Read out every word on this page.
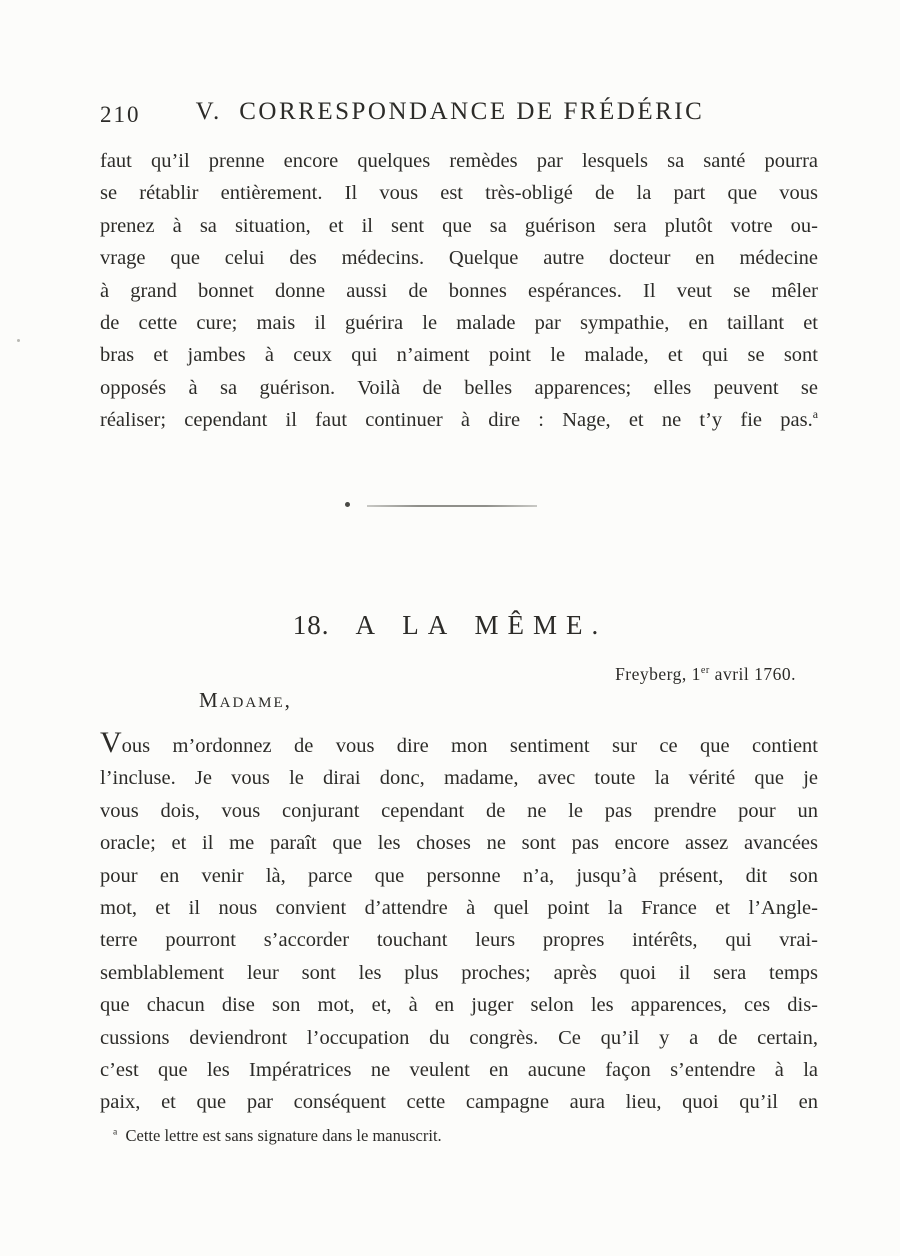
210	V.  CORRESPONDANCE DE FRÉDÉRIC
faut qu’il prenne encore quelques remèdes par lesquels sa santé pourra
se rétablir entièrement. Il vous est très-obligé de la part que vous
prenez à sa situation, et il sent que sa guérison sera plutôt votre ou-
vrage que celui des médecins. Quelque autre docteur en médecine
à grand bonnet donne aussi de bonnes espérances. Il veut se mêler
de cette cure; mais il guérira le malade par sympathie, en taillant et
bras et jambes à ceux qui n’aiment point le malade, et qui se sont
opposés à sa guérison. Voilà de belles apparences; elles peuvent se
réaliser; cependant il faut continuer à dire : Nage, et ne t’y fie pas.$^a$
18. A LA MÊME.
Freyberg, 1er avril 1760.
Madame,
Vous m’ordonnez de vous dire mon sentiment sur ce que contient
l’incluse. Je vous le dirai donc, madame, avec toute la vérité que je
vous dois, vous conjurant cependant de ne le pas prendre pour un
oracle; et il me paraît que les choses ne sont pas encore assez avancées
pour en venir là, parce que personne n’a, jusqu’à présent, dit son
mot, et il nous convient d’attendre à quel point la France et l’Angle-
terre pourront s’accorder touchant leurs propres intérêts, qui vrai-
semblablement leur sont les plus proches; après quoi il sera temps
que chacun dise son mot, et, à en juger selon les apparences, ces dis-
cussions deviendront l’occupation du congrès. Ce qu’il y a de certain,
c’est que les Impératrices ne veulent en aucune façon s’entendre à la
paix, et que par conséquent cette campagne aura lieu, quoi qu’il en
$^a$  Cette lettre est sans signature dans le manuscrit.
